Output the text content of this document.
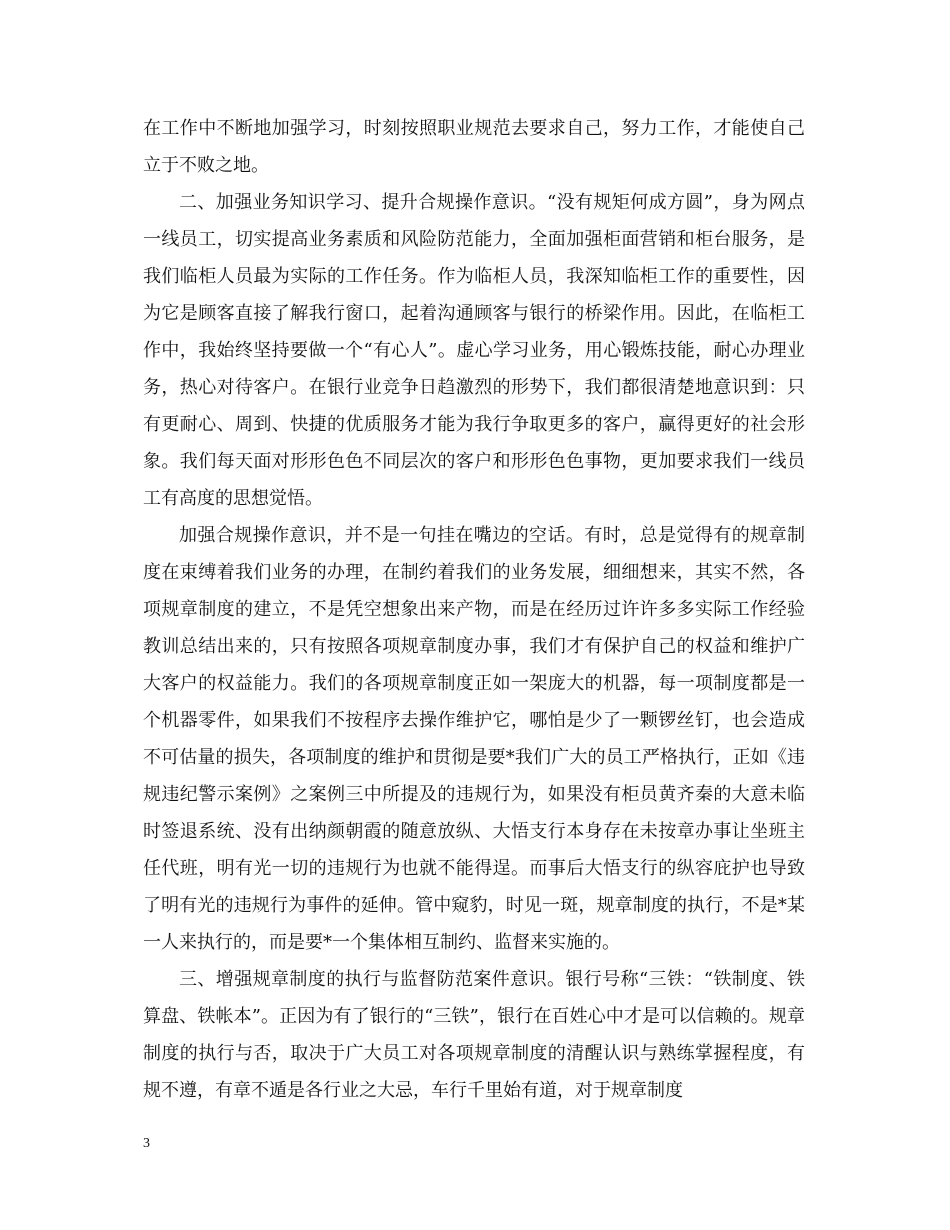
在工作中不断地加强学习，时刻按照职业规范去要求自己，努力工作，才能使自己立于不败之地。

二、加强业务知识学习、提升合规操作意识。“没有规矩何成方圆”，身为网点一线员工，切实提高业务素质和风险防范能力，全面加强柜面营销和柜台服务，是我们临柜人员最为实际的工作任务。作为临柜人员，我深知临柜工作的重要性，因为它是顾客直接了解我行窗口，起着沟通顾客与银行的桥梁作用。因此，在临柜工作中，我始终坚持要做一个“有心人”。虚心学习业务，用心锻炼技能，耐心办理业务，热心对待客户。在银行业竞争日趋激烈的形势下，我们都很清楚地意识到：只有更耐心、周到、快捷的优质服务才能为我行争取更多的客户，赢得更好的社会形象。我们每天面对形形色色不同层次的客户和形形色色事物，更加要求我们一线员工有高度的思想觉悟。

加强合规操作意识，并不是一句挂在嘴边的空话。有时，总是觉得有的规章制度在束缚着我们业务的办理，在制约着我们的业务发展，细细想来，其实不然，各项规章制度的建立，不是凭空想象出来产物，而是在经历过许许多多实际工作经验教训总结出来的，只有按照各项规章制度办事，我们才有保护自己的权益和维护广大客户的权益能力。我们的各项规章制度正如一架庞大的机器，每一项制度都是一个机器零件，如果我们不按程序去操作维护它，哪怕是少了一颗锣丝钉，也会造成不可估量的损失，各项制度的维护和贯彻是要*我们广大的员工严格执行，正如《违规违纪警示案例》之案例三中所提及的违规行为，如果没有柜员黄齐秦的大意未临时签退系统、没有出纳颜朝霞的随意放纵、大悟支行本身存在未按章办事让坐班主任代班，明有光一切的违规行为也就不能得逞。而事后大悟支行的纵容庇护也导致了明有光的违规行为事件的延伸。管中窥豹，时见一斑，规章制度的执行，不是*某一人来执行的，而是要*一个集体相互制约、监督来实施的。

三、增强规章制度的执行与监督防范案件意识。银行号称“三铁：“铁制度、铁算盘、铁帐本”。正因为有了银行的“三铁”，银行在百姓心中才是可以信赖的。规章制度的执行与否，取决于广大员工对各项规章制度的清醒认识与熟练掌握程度，有规不遵，有章不遁是各行业之大忌，车行千里始有道，对于规章制度

3
